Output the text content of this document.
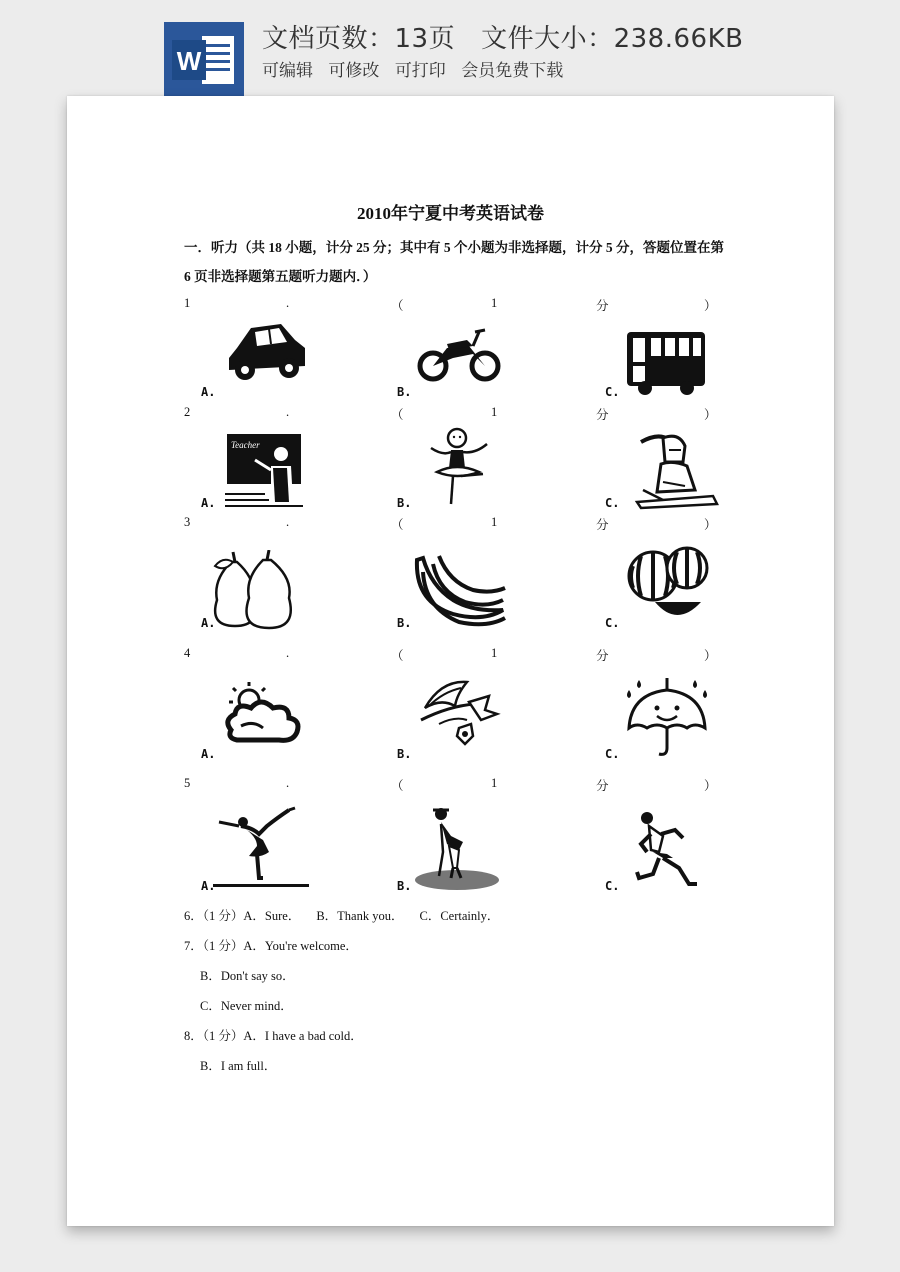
W
文档页数：13页 文件大小：238.66KB
可编辑 可修改 可打印 会员免费下载
2010年宁夏中考英语试卷
一．听力（共 18 小题，计分 25 分；其中有 5 个小题为非选择题，计分 5 分，答题位置在第 6 页非选择题第五题听力题内．）
1	.	（	1	分	）
2	.	（	1	分	）
3	.	（	1	分	）
4	.	（	1	分	）
5	.	（	1	分	）
A.	B.	C.
Teacher
A.	B.	C.
A.	B.	C.
A.	B.	C.
A.	B.	C.
6．（1 分）A．Sure． B．Thank you． C．Certainly．
7．（1 分）A．You're welcome．
B．Don't say so．
C．Never mind．
8．（1 分）A．I have a bad cold．
B．I am full．
